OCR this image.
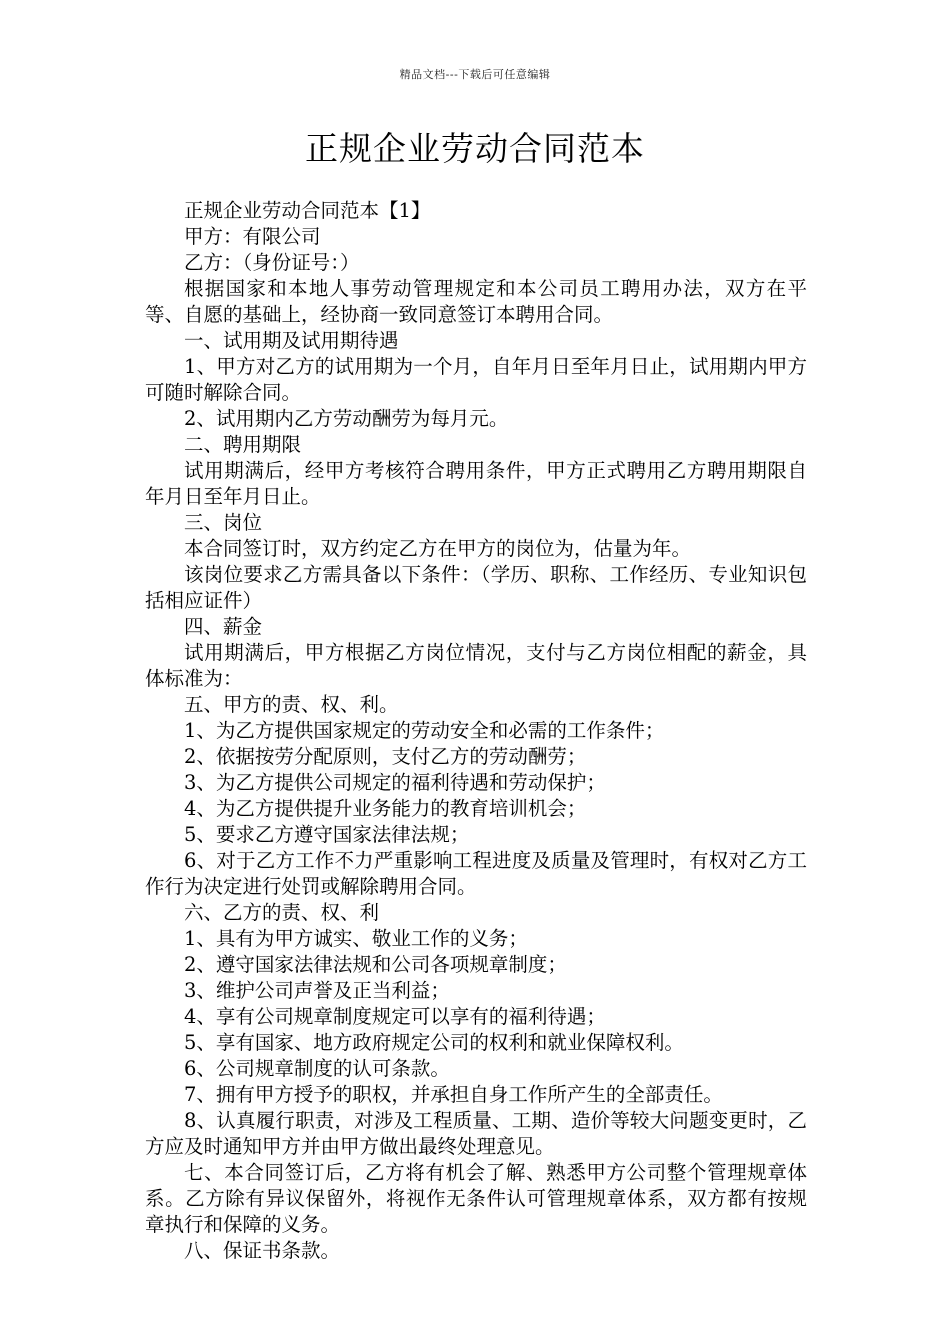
精品文档---下载后可任意编辑
正规企业劳动合同范本

正规企业劳动合同范本【1】

甲方：有限公司

乙方：（身份证号：）

根据国家和本地人事劳动管理规定和本公司员工聘用办法，双方在平等、自愿的基础上，经协商一致同意签订本聘用合同。

一、试用期及试用期待遇

1、甲方对乙方的试用期为一个月，自年月日至年月日止，试用期内甲方可随时解除合同。

2、试用期内乙方劳动酬劳为每月元。

二、聘用期限

试用期满后，经甲方考核符合聘用条件，甲方正式聘用乙方聘用期限自年月日至年月日止。

三、岗位

本合同签订时，双方约定乙方在甲方的岗位为，估量为年。

该岗位要求乙方需具备以下条件：（学历、职称、工作经历、专业知识包括相应证件）

四、薪金

试用期满后，甲方根据乙方岗位情况，支付与乙方岗位相配的薪金，具体标准为：

五、甲方的责、权、利。

1、为乙方提供国家规定的劳动安全和必需的工作条件；

2、依据按劳分配原则，支付乙方的劳动酬劳；

3、为乙方提供公司规定的福利待遇和劳动保护；

4、为乙方提供提升业务能力的教育培训机会；

5、要求乙方遵守国家法律法规；

6、对于乙方工作不力严重影响工程进度及质量及管理时，有权对乙方工作行为决定进行处罚或解除聘用合同。

六、乙方的责、权、利

1、具有为甲方诚实、敬业工作的义务；

2、遵守国家法律法规和公司各项规章制度；

3、维护公司声誉及正当利益；

4、享有公司规章制度规定可以享有的福利待遇；

5、享有国家、地方政府规定公司的权利和就业保障权利。

6、公司规章制度的认可条款。

7、拥有甲方授予的职权，并承担自身工作所产生的全部责任。

8、认真履行职责，对涉及工程质量、工期、造价等较大问题变更时，乙方应及时通知甲方并由甲方做出最终处理意见。

七、本合同签订后，乙方将有机会了解、熟悉甲方公司整个管理规章体系。乙方除有异议保留外，将视作无条件认可管理规章体系，双方都有按规章执行和保障的义务。

八、保证书条款。
